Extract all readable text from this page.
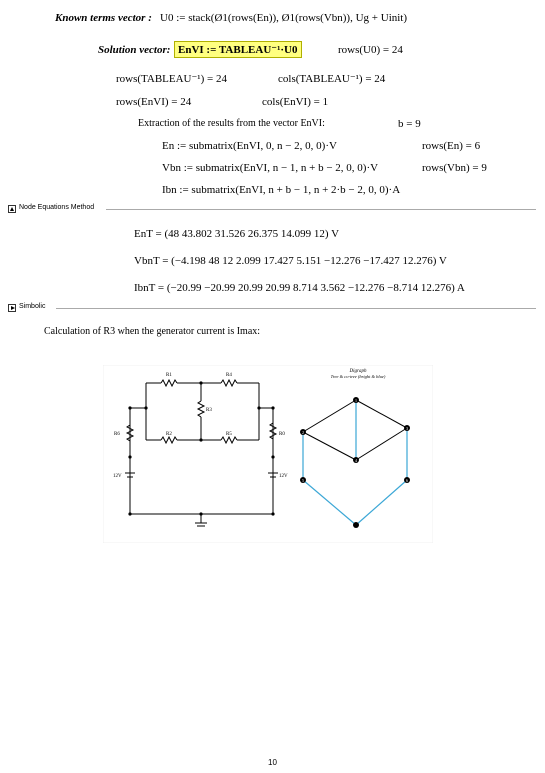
Known terms vector : U0 := stack(Ø1(rows(En)), Ø1(rows(Vbn)), Ug + Uinit)
Solution vector: EnVI := TABLEAU⁻¹·U0	rows(U0) = 24
rows(TABLEAU⁻¹) = 24	cols(TABLEAU⁻¹) = 24
rows(EnVI) = 24	cols(EnVI) = 1
Extraction of the results from the vector EnVI:	b = 9
En := submatrix(EnVI, 0, n − 2, 0, 0)·V	rows(En) = 6
Vbn := submatrix(EnVI, n − 1, n + b − 2, 0, 0)·V	rows(Vbn) = 9
Ibn := submatrix(EnVI, n + b − 1, n + 2·b − 2, 0, 0)·A
Node Equations Method
EnT = (48 43.802 31.526 26.375 14.099 12) V
VbnT = (−4.198 48 12 2.099 17.427 5.151 −12.276 −17.427 12.276) V
IbnT = (−20.99 −20.99 20.99 20.99 8.714 3.562 −12.276 −8.714 12.276) A
Simbolic
Calculation of R3 when the generator current is Imax:
R1	R4
R3
R2	R5
R6	R0
12V	12V
Digraph
Tree & co-tree (bright & blue)
1
2
3
4
5	6
10
